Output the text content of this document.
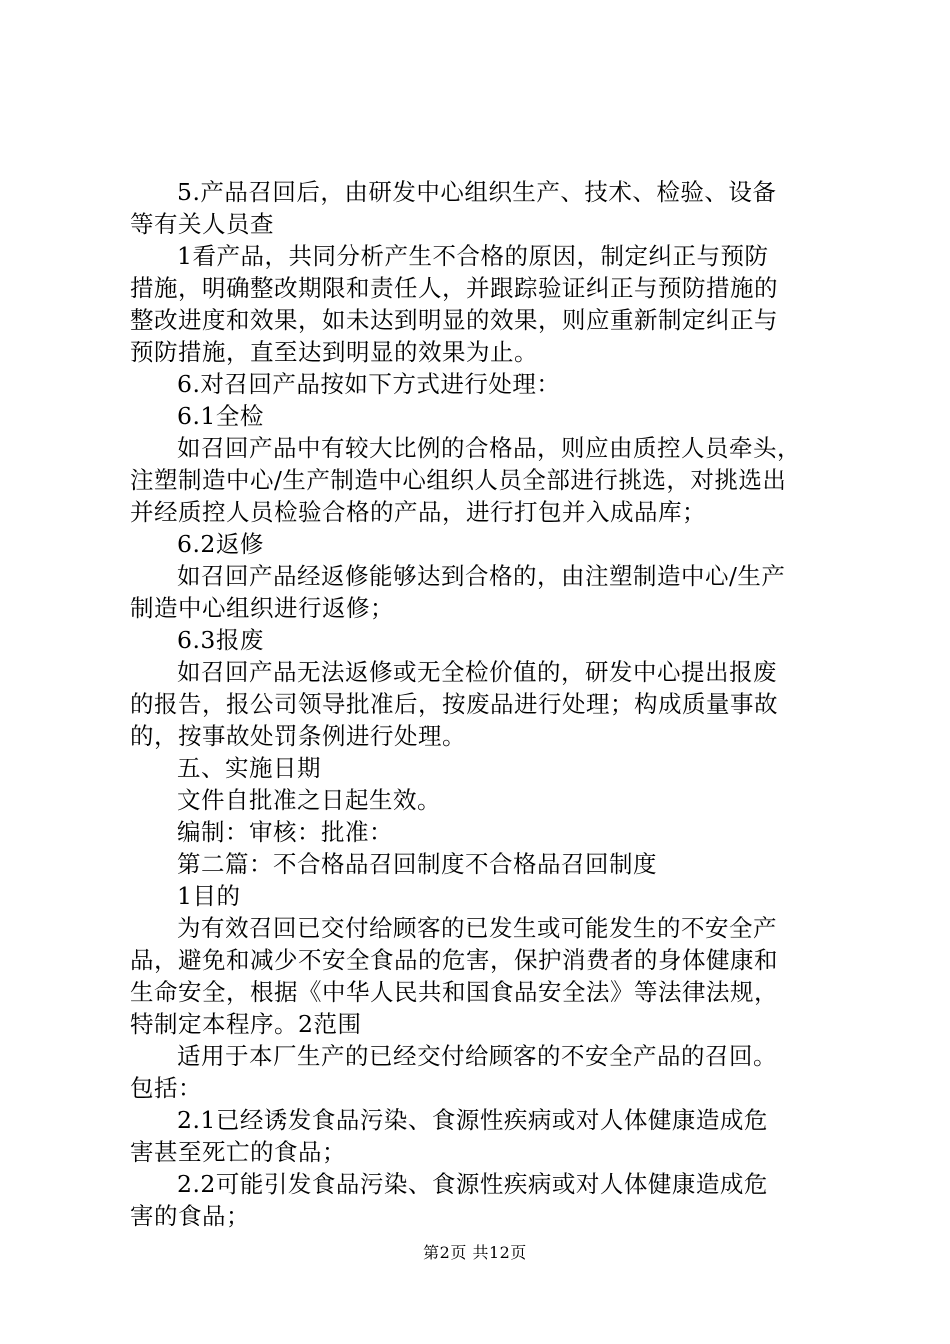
5.产品召回后，由研发中心组织生产、技术、检验、设备
等有关人员查
1看产品，共同分析产生不合格的原因，制定纠正与预防
措施，明确整改期限和责任人，并跟踪验证纠正与预防措施的
整改进度和效果，如未达到明显的效果，则应重新制定纠正与
预防措施，直至达到明显的效果为止。
6.对召回产品按如下方式进行处理：
6.1全检
如召回产品中有较大比例的合格品，则应由质控人员牵头，
注塑制造中心/生产制造中心组织人员全部进行挑选，对挑选出
并经质控人员检验合格的产品，进行打包并入成品库；
6.2返修
如召回产品经返修能够达到合格的，由注塑制造中心/生产
制造中心组织进行返修；
6.3报废
如召回产品无法返修或无全检价值的，研发中心提出报废
的报告，报公司领导批准后，按废品进行处理；构成质量事故
的，按事故处罚条例进行处理。
五、实施日期
文件自批准之日起生效。
编制：审核：批准：
第二篇：不合格品召回制度不合格品召回制度
1目的
为有效召回已交付给顾客的已发生或可能发生的不安全产
品，避免和减少不安全食品的危害，保护消费者的身体健康和
生命安全，根据《中华人民共和国食品安全法》等法律法规，
特制定本程序。2范围
适用于本厂生产的已经交付给顾客的不安全产品的召回。
包括：
2.1已经诱发食品污染、食源性疾病或对人体健康造成危
害甚至死亡的食品；
2.2可能引发食品污染、食源性疾病或对人体健康造成危
害的食品；
第2页 共12页
